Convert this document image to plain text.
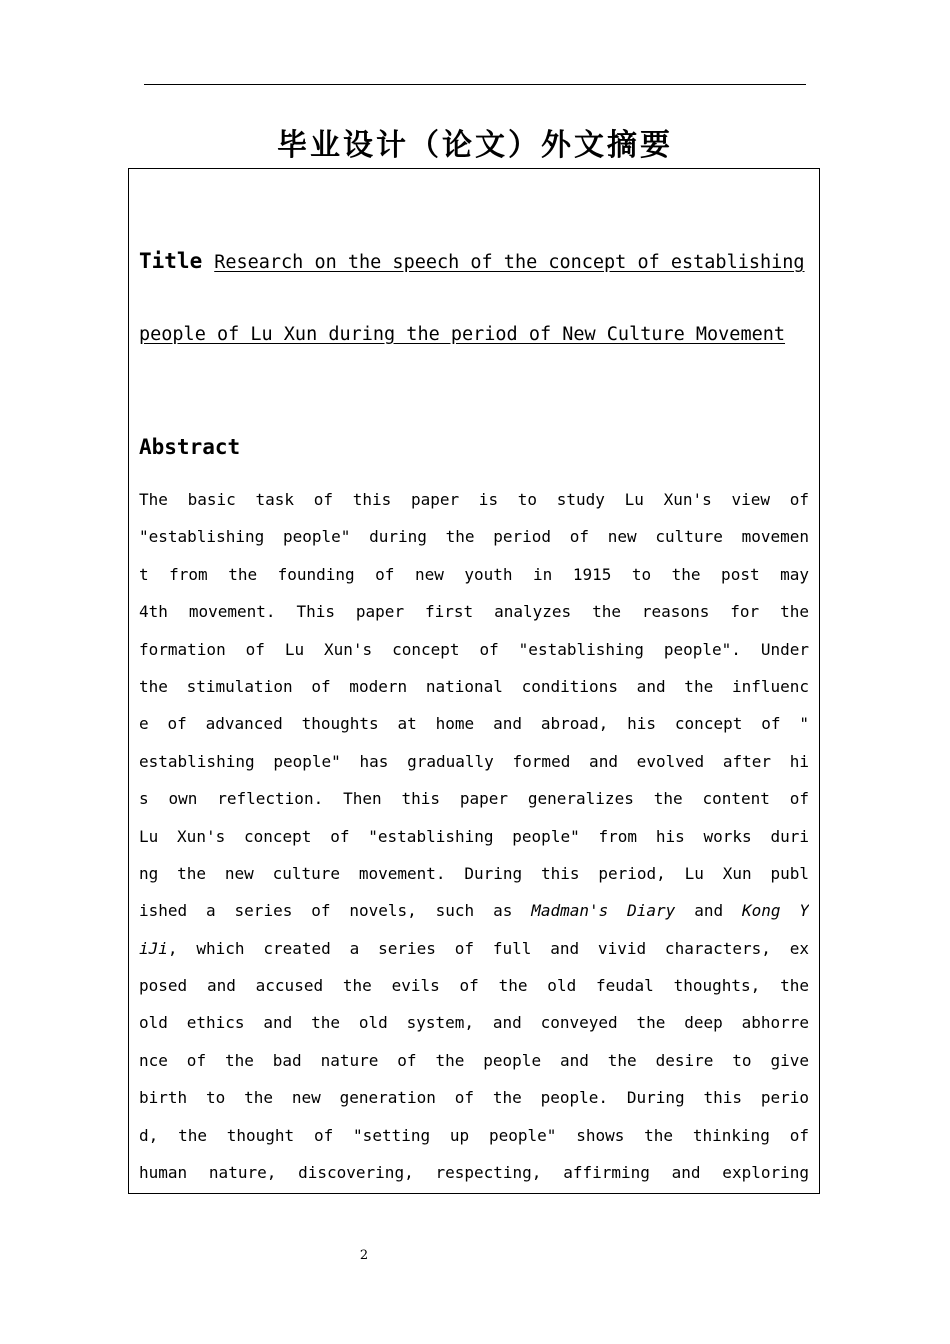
毕业设计（论文）外文摘要
Title Research on the speech of the concept of establishing
people of Lu Xun during the period of New Culture Movement
Abstract
The basic task of this paper is to study Lu Xun's view of
"establishing people" during the period of new culture movemen
t from the founding of new youth in 1915 to the post may
4th movement. This paper first analyzes the reasons for the
formation of Lu Xun's concept of "establishing people". Under
the stimulation of modern national conditions and the influenc
e of advanced thoughts at home and abroad, his concept of "
establishing people" has gradually formed and evolved after hi
s own reflection. Then this paper generalizes the content of
Lu Xun's concept of "establishing people" from his works duri
ng the new culture movement. During this period, Lu Xun publ
ished a series of novels, such as Madman's Diary and Kong Y
iJi, which created a series of full and vivid characters, ex
posed and accused the evils of the old feudal thoughts, the
old ethics and the old system, and conveyed the deep abhorre
nce of the bad nature of the people and the desire to give
birth to the new generation of the people. During this perio
d, the thought of "setting up people" shows the thinking of
human nature, discovering, respecting, affirming and exploring
2
